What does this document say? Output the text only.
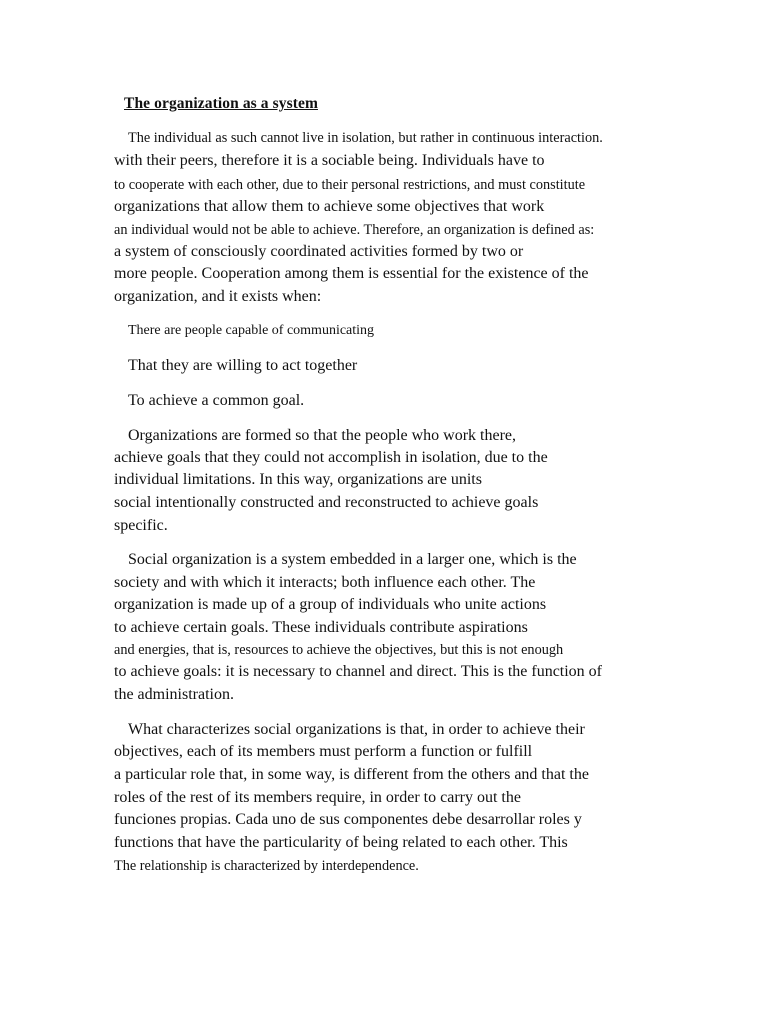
The organization as a system
The individual as such cannot live in isolation, but rather in continuous interaction.
with their peers, therefore it is a sociable being. Individuals have to
to cooperate with each other, due to their personal restrictions, and must constitute
organizations that allow them to achieve some objectives that work
an individual would not be able to achieve. Therefore, an organization is defined as:
a system of consciously coordinated activities formed by two or
more people. Cooperation among them is essential for the existence of the
organization, and it exists when:
There are people capable of communicating
That they are willing to act together
To achieve a common goal.
Organizations are formed so that the people who work there,
achieve goals that they could not accomplish in isolation, due to the
individual limitations. In this way, organizations are units
social intentionally constructed and reconstructed to achieve goals
specific.
Social organization is a system embedded in a larger one, which is the
society and with which it interacts; both influence each other. The
organization is made up of a group of individuals who unite actions
to achieve certain goals. These individuals contribute aspirations
and energies, that is, resources to achieve the objectives, but this is not enough
to achieve goals: it is necessary to channel and direct. This is the function of
the administration.
What characterizes social organizations is that, in order to achieve their
objectives, each of its members must perform a function or fulfill
a particular role that, in some way, is different from the others and that the
roles of the rest of its members require, in order to carry out the
funciones propias. Cada uno de sus componentes debe desarrollar roles y
functions that have the particularity of being related to each other. This
The relationship is characterized by interdependence.
